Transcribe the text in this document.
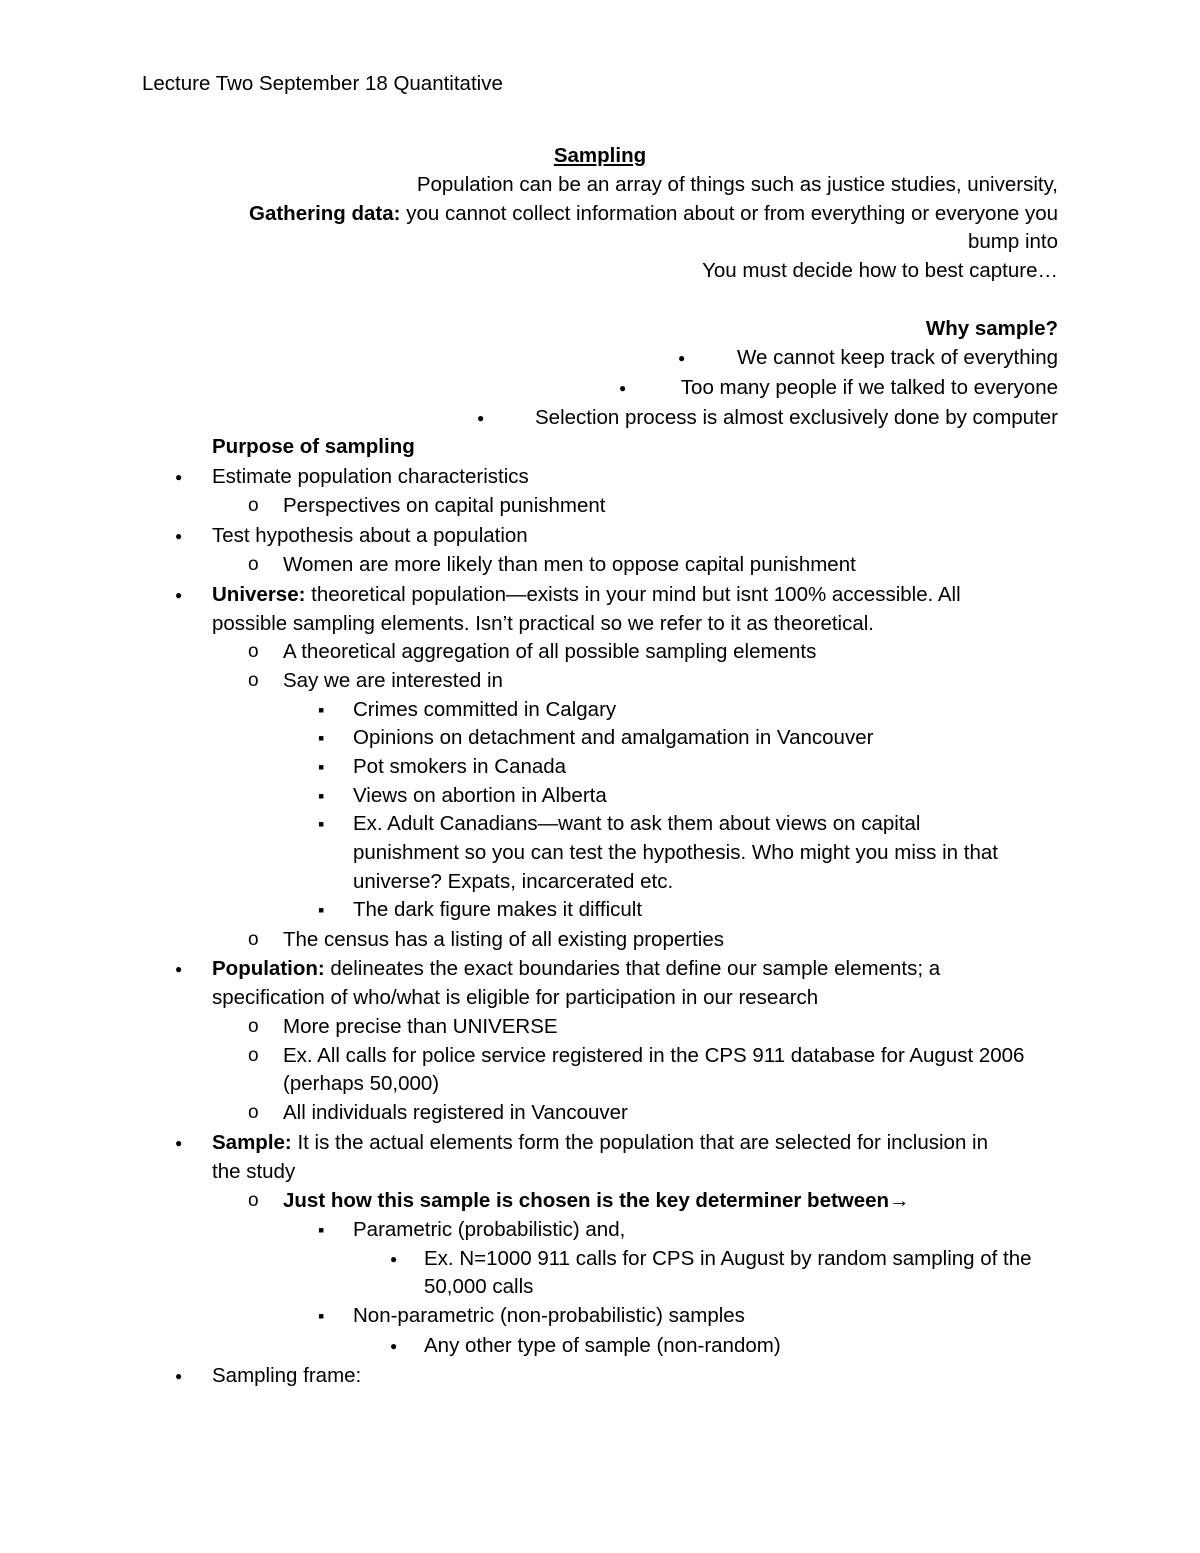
Lecture Two September 18 Quantitative

Sampling

Population can be an array of things such as justice studies, university,

Gathering data: you cannot collect information about or from everything or everyone you

bump into

You must decide how to best capture…

Why sample?

●

We cannot keep track of everything

●

Too many people if we talked to everyone

●

Selection process is almost exclusively done by computer

Purpose of sampling

●

Estimate population characteristics

o

Perspectives on capital punishment

●

Test hypothesis about a population

o

Women are more likely than men to oppose capital punishment

●

Universe: theoretical population—exists in your mind but isnt 100% accessible. All

possible sampling elements. Isn’t practical so we refer to it as theoretical.

o

A theoretical aggregation of all possible sampling elements

o

Say we are interested in

▪

Crimes committed in Calgary

▪

Opinions on detachment and amalgamation in Vancouver

▪

Pot smokers in Canada

▪

Views on abortion in Alberta

▪

Ex. Adult Canadians—want to ask them about views on capital

punishment so you can test the hypothesis. Who might you miss in that

universe? Expats, incarcerated etc.

▪

The dark figure makes it difficult

o

The census has a listing of all existing properties

●

Population: delineates the exact boundaries that define our sample elements; a

specification of who/what is eligible for participation in our research

o

More precise than UNIVERSE

o

Ex. All calls for police service registered in the CPS 911 database for August 2006

(perhaps 50,000)

o

All individuals registered in Vancouver

●

Sample: It is the actual elements form the population that are selected for inclusion in

the study

o

Just how this sample is chosen is the key determiner between→

▪

Parametric (probabilistic) and,

●

Ex. N=1000 911 calls for CPS in August by random sampling of the

50,000 calls

▪

Non-parametric (non-probabilistic) samples

●

Any other type of sample (non-random)

●

Sampling frame:
